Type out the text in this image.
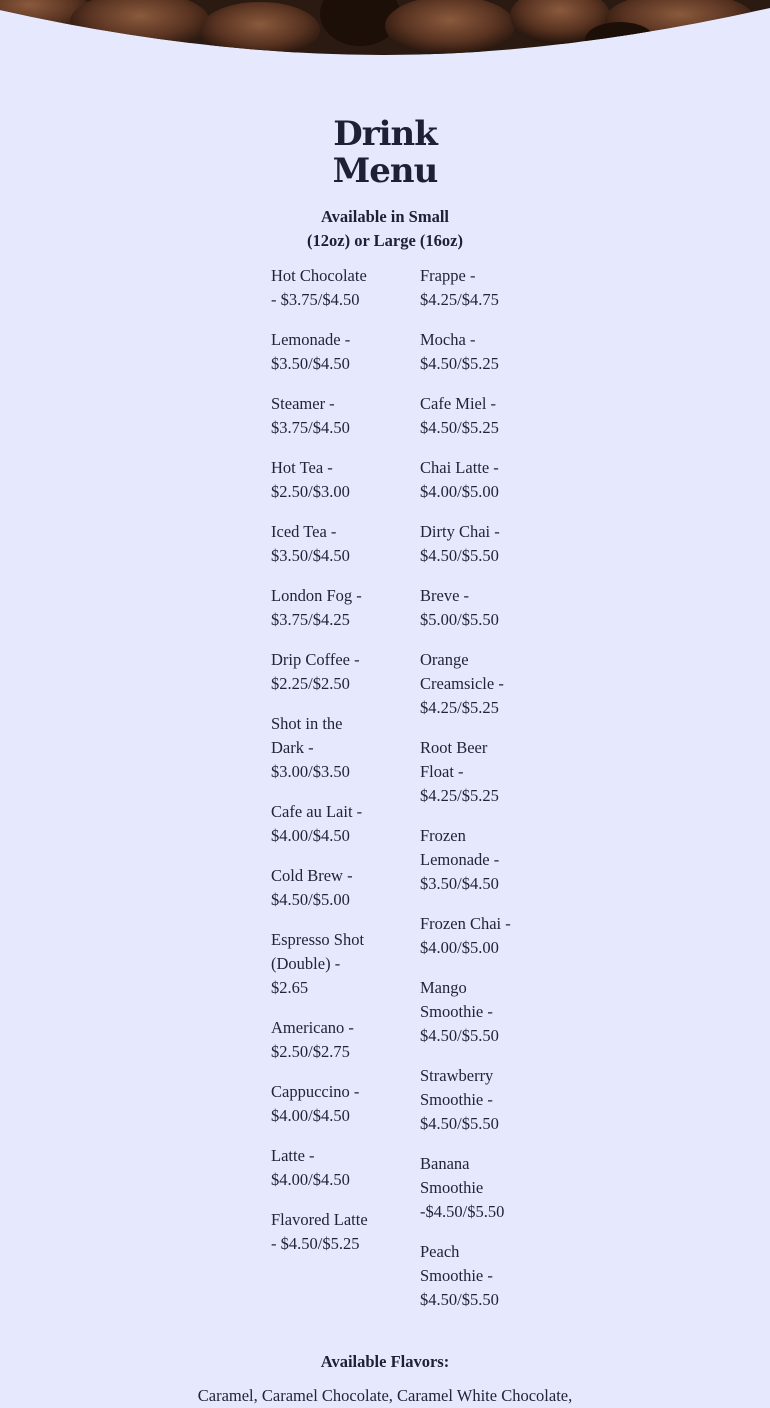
Drink
Menu
Available in Small
(12oz) or Large (16oz)
Hot Chocolate
- $3.75/$4.50
Lemonade -
$3.50/$4.50
Steamer -
$3.75/$4.50
Hot Tea -
$2.50/$3.00
Iced Tea -
$3.50/$4.50
London Fog -
$3.75/$4.25
Drip Coffee -
$2.25/$2.50
Shot in the
Dark -
$3.00/$3.50
Cafe au Lait -
$4.00/$4.50
Cold Brew -
$4.50/$5.00
Espresso Shot
(Double) -
$2.65
Americano -
$2.50/$2.75
Cappuccino -
$4.00/$4.50
Latte -
$4.00/$4.50
Flavored Latte
- $4.50/$5.25
Frappe -
$4.25/$4.75
Mocha -
$4.50/$5.25
Cafe Miel -
$4.50/$5.25
Chai Latte -
$4.00/$5.00
Dirty Chai -
$4.50/$5.50
Breve -
$5.00/$5.50
Orange
Creamsicle -
$4.25/$5.25
Root Beer
Float -
$4.25/$5.25
Frozen
Lemonade -
$3.50/$4.50
Frozen Chai -
$4.00/$5.00
Mango
Smoothie -
$4.50/$5.50
Strawberry
Smoothie -
$4.50/$5.50
Banana
Smoothie
-$4.50/$5.50
Peach
Smoothie -
$4.50/$5.50
Available Flavors:
Caramel, Caramel Chocolate, Caramel White Chocolate,
